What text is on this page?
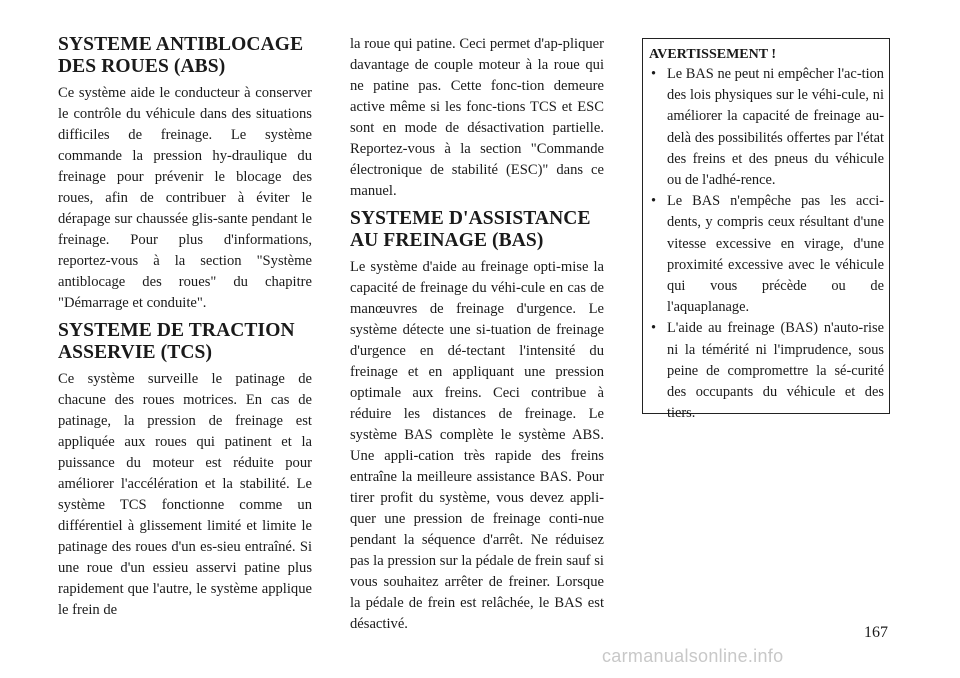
SYSTEME ANTIBLOCAGE
DES ROUES (ABS)

Ce système aide le conducteur à conserver le contrôle du véhicule dans des situations difficiles de freinage. Le système commande la pression hy-draulique du freinage pour prévenir le blocage des roues, afin de contribuer à éviter le dérapage sur chaussée glis-sante pendant le freinage. Pour plus d'informations, reportez-vous à la section "Système antiblocage des roues" du chapitre "Démarrage et conduite".

SYSTEME DE TRACTION
ASSERVIE (TCS)

Ce système surveille le patinage de chacune des roues motrices. En cas de patinage, la pression de freinage est appliquée aux roues qui patinent et la puissance du moteur est réduite pour améliorer l'accélération et la stabilité. Le système TCS fonctionne comme un différentiel à glissement limité et limite le patinage des roues d'un es-sieu entraîné. Si une roue d'un essieu asservi patine plus rapidement que l'autre, le système applique le frein de

la roue qui patine. Ceci permet d'ap-pliquer davantage de couple moteur à la roue qui ne patine pas. Cette fonc-tion demeure active même si les fonc-tions TCS et ESC sont en mode de désactivation partielle. Reportez-vous à la section "Commande électronique de stabilité (ESC)" dans ce manuel.

SYSTEME D'ASSISTANCE
AU FREINAGE (BAS)

Le système d'aide au freinage opti-mise la capacité de freinage du véhi-cule en cas de manœuvres de freinage d'urgence. Le système détecte une si-tuation de freinage d'urgence en dé-tectant l'intensité du freinage et en appliquant une pression optimale aux freins. Ceci contribue à réduire les distances de freinage. Le système BAS complète le système ABS. Une appli-cation très rapide des freins entraîne la meilleure assistance BAS. Pour tirer profit du système, vous devez appli-quer une pression de freinage conti-nue pendant la séquence d'arrêt. Ne réduisez pas la pression sur la pédale de frein sauf si vous souhaitez arrêter de freiner. Lorsque la pédale de frein est relâchée, le BAS est désactivé.

AVERTISSEMENT !
• Le BAS ne peut ni empêcher l'ac-tion des lois physiques sur le véhi-cule, ni améliorer la capacité de freinage au-delà des possibilités offertes par l'état des freins et des pneus du véhicule ou de l'adhé-rence.
• Le BAS n'empêche pas les acci-dents, y compris ceux résultant d'une vitesse excessive en virage, d'une proximité excessive avec le véhicule qui vous précède ou de l'aquaplanage.
• L'aide au freinage (BAS) n'auto-rise ni la témérité ni l'imprudence, sous peine de compromettre la sé-curité des occupants du véhicule et des tiers.
167
carmanualsonline.info
